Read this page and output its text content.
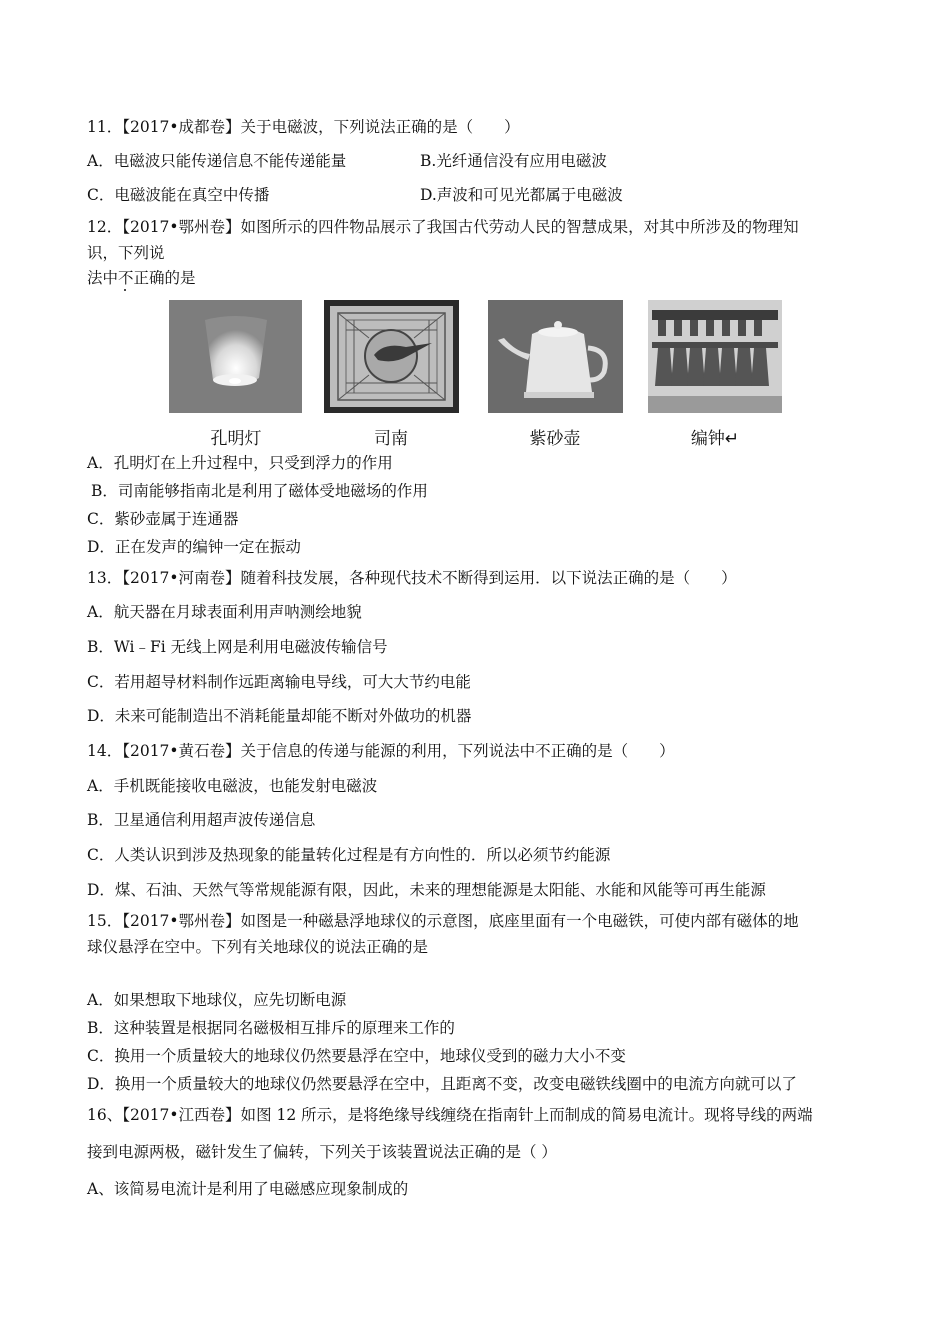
11．【2017•成都卷】关于电磁波，下列说法正确的是（　　）
A．电磁波只能传递信息不能传递能量	B.光纤通信没有应用电磁波
C．电磁波能在真空中传播	D.声波和可见光都属于电磁波
12．【2017•鄂州卷】如图所示的四件物品展示了我国古代劳动人民的智慧成果，对其中所涉及的物理知
识，下列说
法中不正确的是
孔明灯	司南	紫砂壶	编钟↵
A．孔明灯在上升过程中，只受到浮力的作用
B．司南能够指南北是利用了磁体受地磁场的作用
C．紫砂壶属于连通器
D．正在发声的编钟一定在振动
13．【2017•河南卷】随着科技发展，各种现代技术不断得到运用．以下说法正确的是（　　）
A．航天器在月球表面利用声呐测绘地貌
B．Wi﹣Fi 无线上网是利用电磁波传输信号
C．若用超导材料制作远距离输电导线，可大大节约电能
D．未来可能制造出不消耗能量却能不断对外做功的机器
14．【2017•黄石卷】关于信息的传递与能源的利用，下列说法中不正确的是（　　）
A．手机既能接收电磁波，也能发射电磁波
B．卫星通信利用超声波传递信息
C．人类认识到涉及热现象的能量转化过程是有方向性的．所以必须节约能源
D．煤、石油、天然气等常规能源有限，因此，未来的理想能源是太阳能、水能和风能等可再生能源
15．【2017•鄂州卷】如图是一种磁悬浮地球仪的示意图，底座里面有一个电磁铁，可使内部有磁体的地
球仪悬浮在空中。下列有关地球仪的说法正确的是
A．如果想取下地球仪，应先切断电源
B．这种装置是根据同名磁极相互排斥的原理来工作的
C．换用一个质量较大的地球仪仍然要悬浮在空中，地球仪受到的磁力大小不变
D．换用一个质量较大的地球仪仍然要悬浮在空中，且距离不变，改变电磁铁线圈中的电流方向就可以了
16、【2017•江西卷】如图 12 所示，是将绝缘导线缠绕在指南针上而制成的简易电流计。现将导线的两端
接到电源两极，磁针发生了偏转，下列关于该装置说法正确的是（ ）
A、该简易电流计是利用了电磁感应现象制成的
